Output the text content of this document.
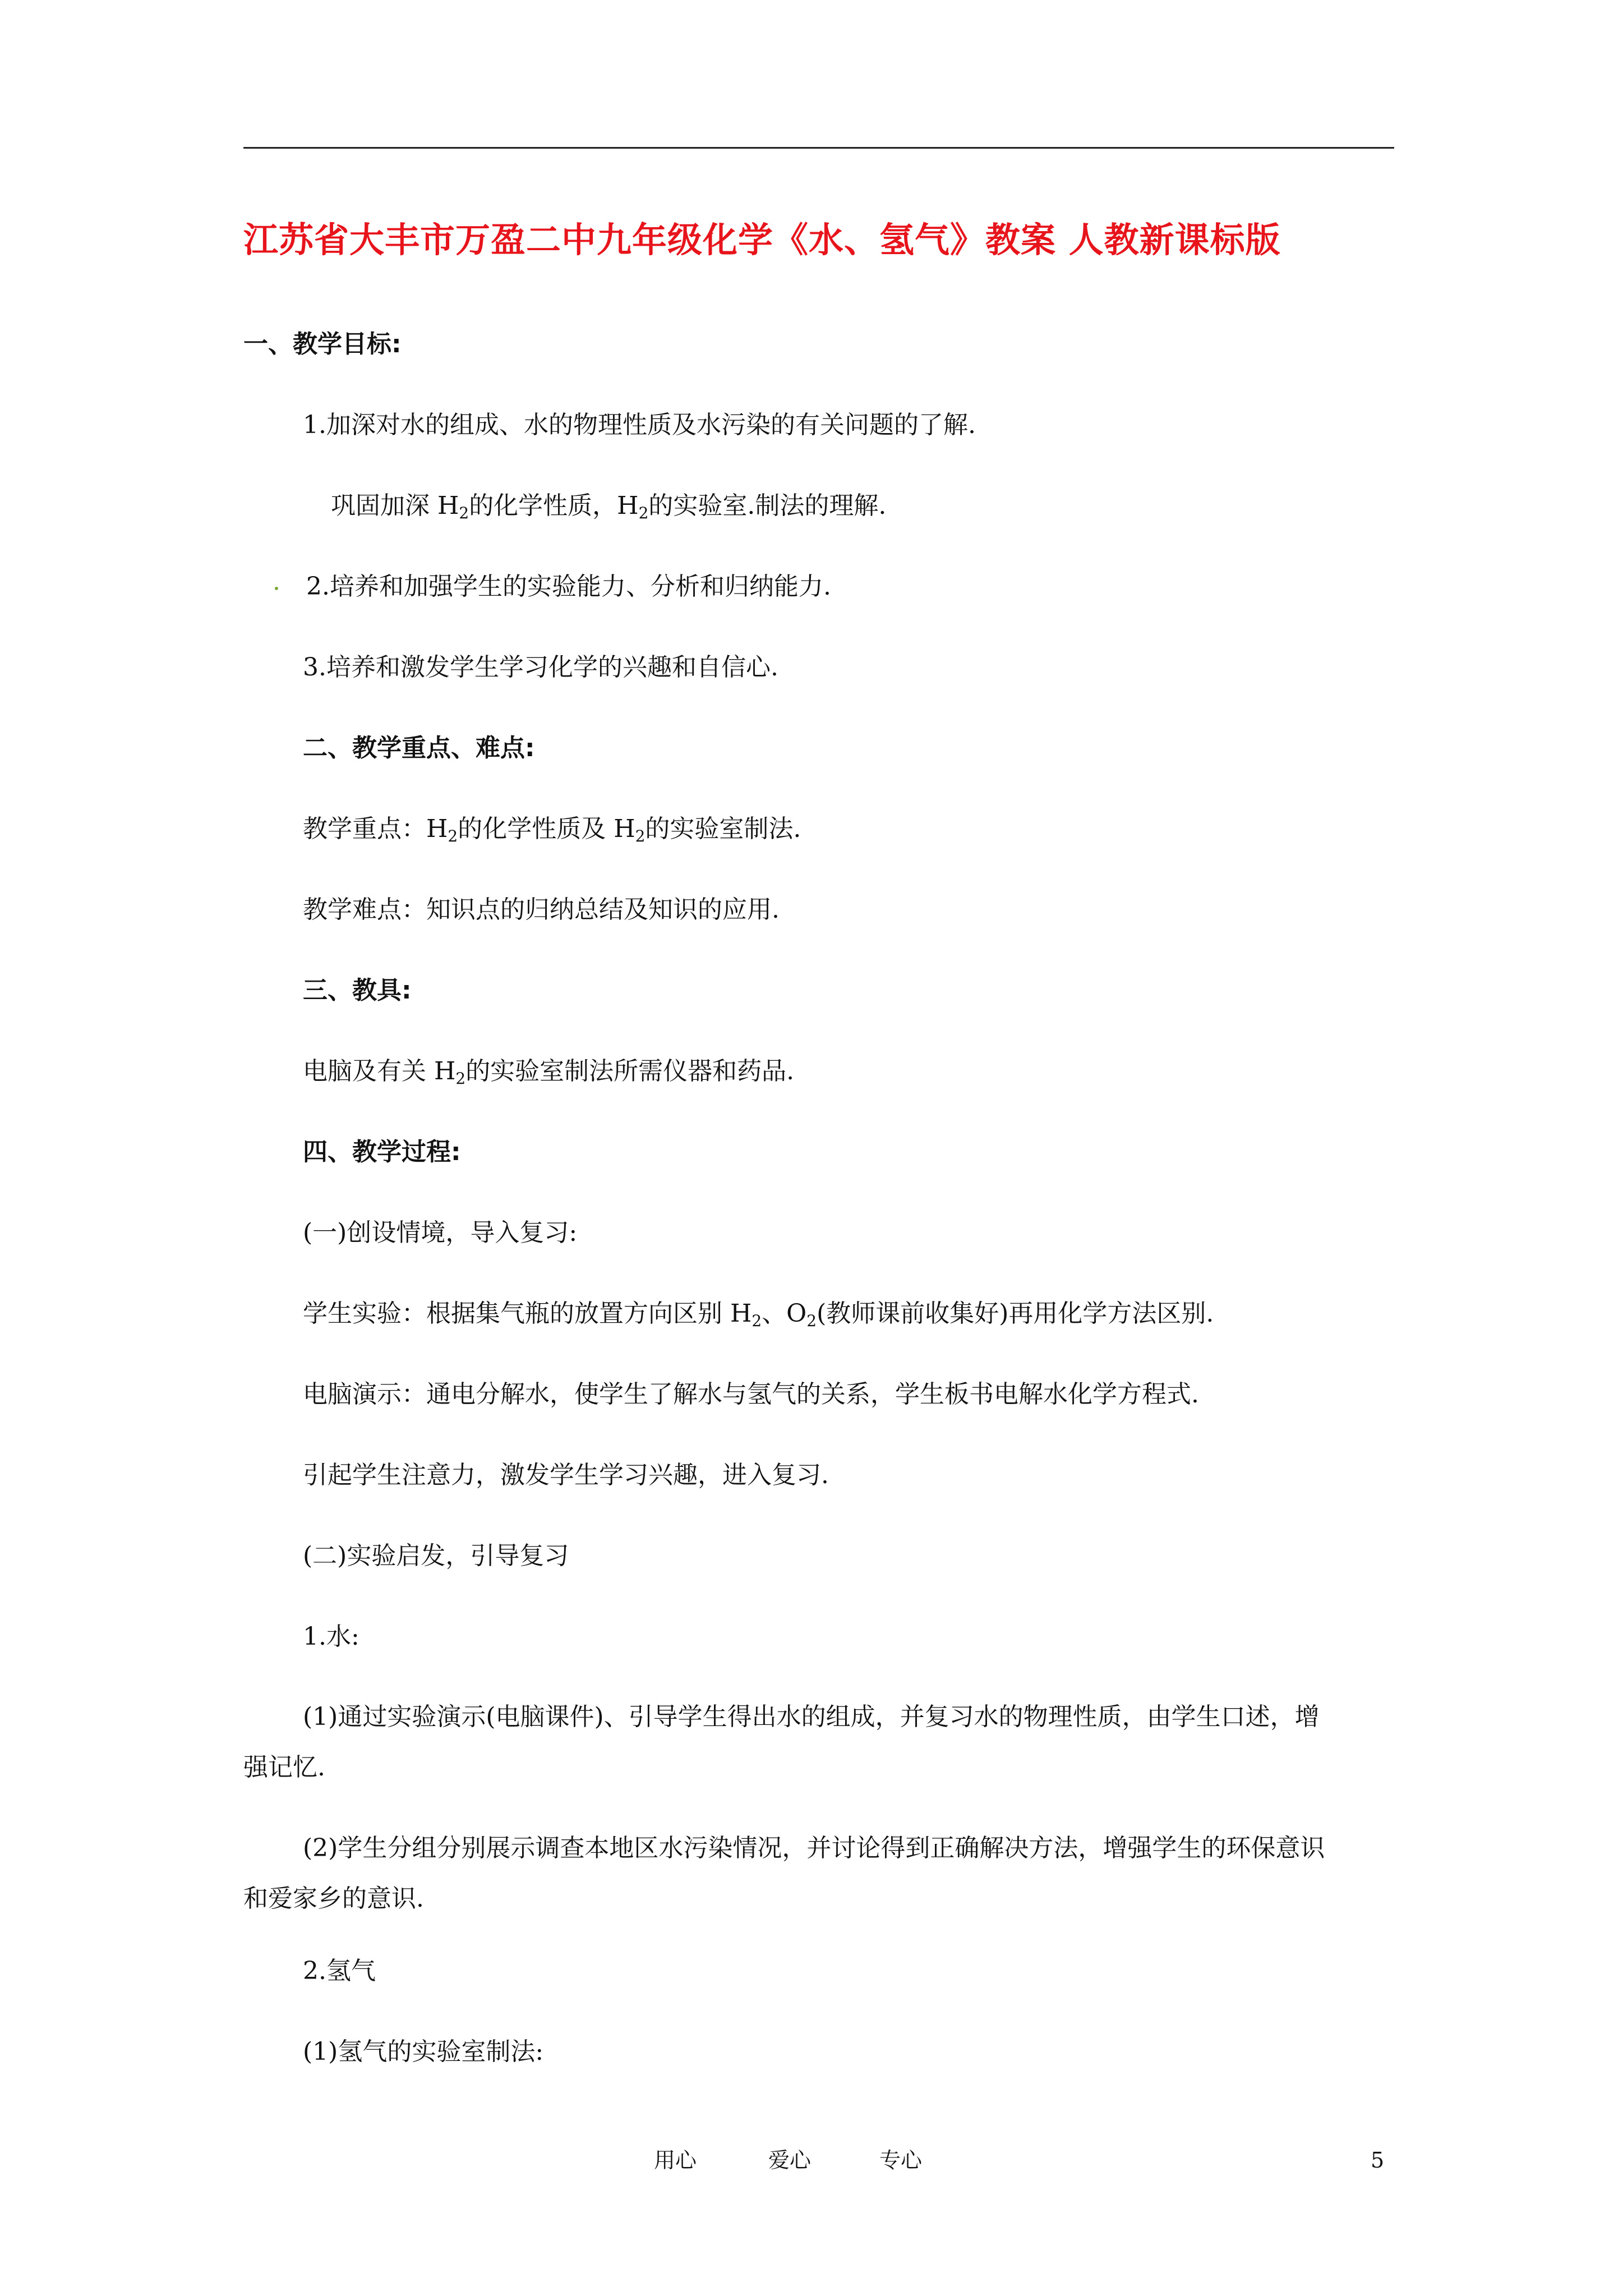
江苏省大丰市万盈二中九年级化学《水、氢气》教案 人教新课标版
一、教学目标:
1.加深对水的组成、水的物理性质及水污染的有关问题的了解.
巩固加深 $H_2$的化学性质，$H_2$的实验室.制法的理解.
2.培养和加强学生的实验能力、分析和归纳能力.
3.培养和激发学生学习化学的兴趣和自信心.
二、教学重点、难点:
教学重点：$H_2$的化学性质及 $H_2$的实验室制法.
教学难点：知识点的归纳总结及知识的应用.
三、教具:
电脑及有关 $H_2$的实验室制法所需仪器和药品.
四、教学过程:
(一)创设情境，导入复习:
学生实验：根据集气瓶的放置方向区别 $H_2$、$O_2$(教师课前收集好)再用化学方法区别.
电脑演示：通电分解水，使学生了解水与氢气的关系，学生板书电解水化学方程式.
引起学生注意力，激发学生学习兴趣，进入复习.
(二)实验启发，引导复习
1.水:
(1)通过实验演示(电脑课件)、引导学生得出水的组成，并复习水的物理性质，由学生口述，增强记忆.
(2)学生分组分别展示调查本地区水污染情况，并讨论得到正确解决方法，增强学生的环保意识和爱家乡的意识.
2.氢气
(1)氢气的实验室制法:
用心	爱心	专心	5
